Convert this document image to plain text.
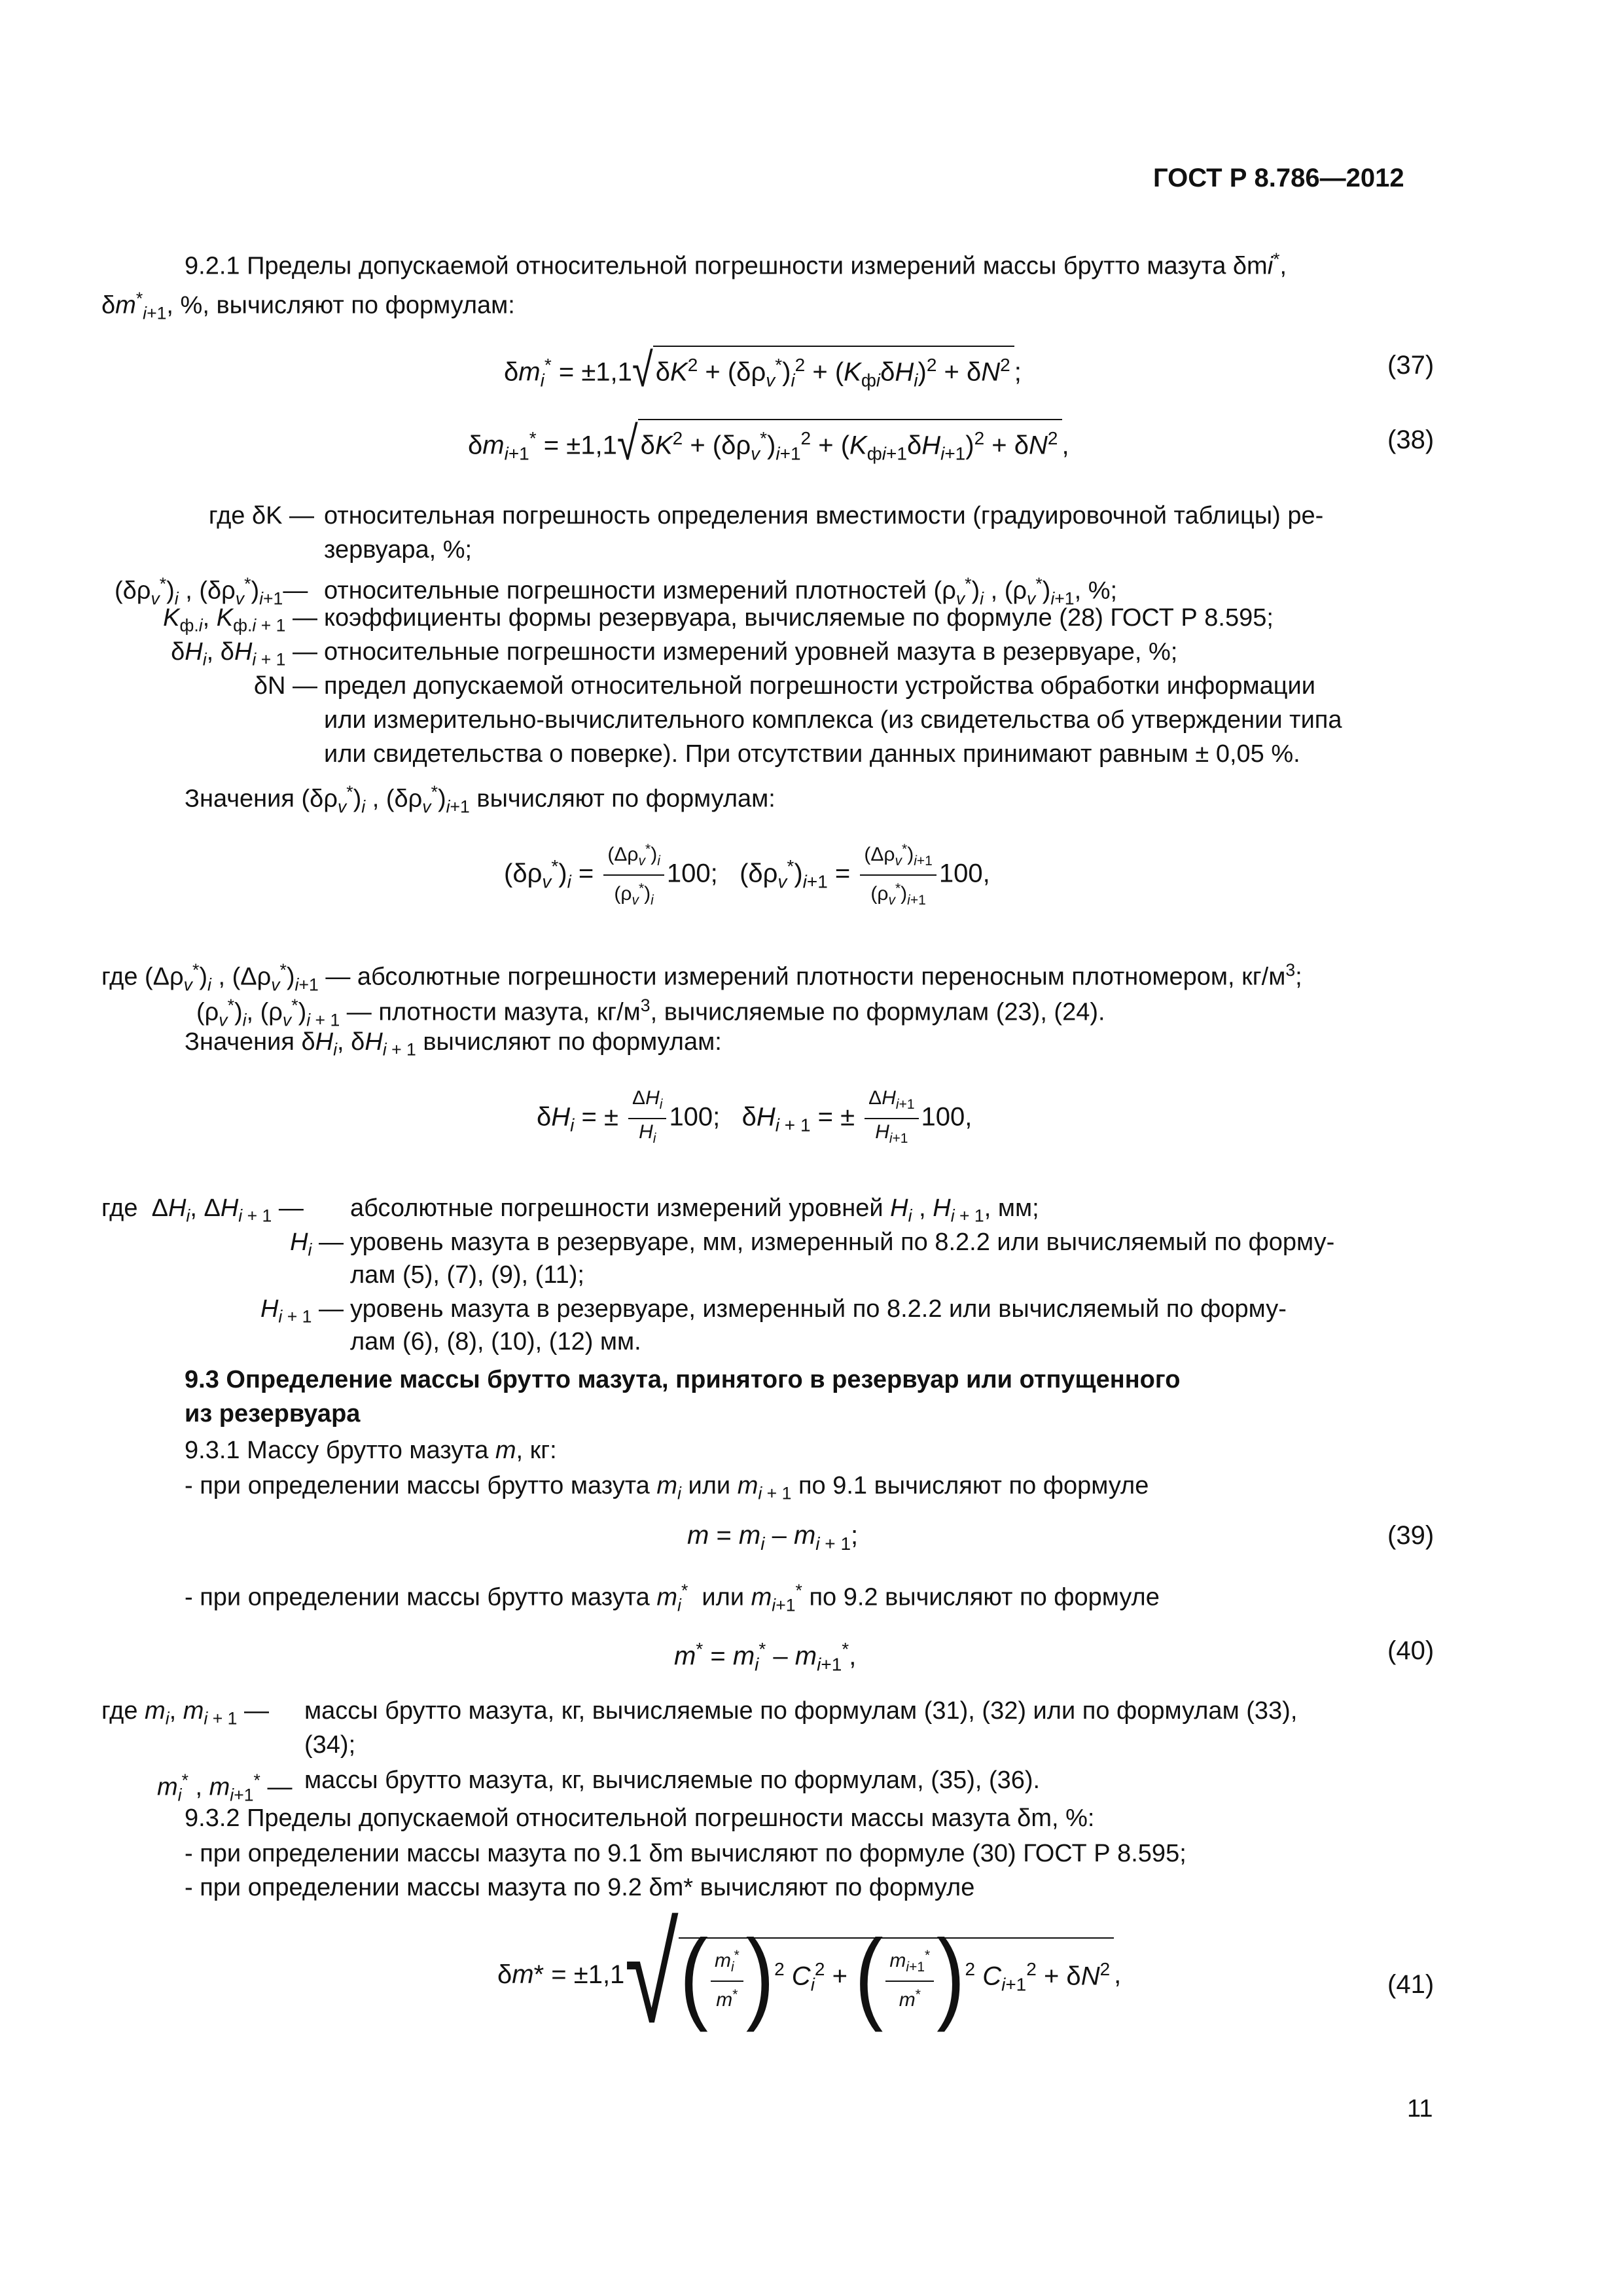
ГОСТ Р 8.786—2012
9.2.1 Пределы допускаемой относительной погрешности измерений массы брутто мазута δmi*,
$\delta m^*_{i+1}$, %, вычисляют по формулам:
$\delta m_i^* = \pm 1,1√$ $\delta K^2 + (\delta\rho_v^*)_i^2 + (K_{фi}\delta H_i)^2 + \delta N^2$ ;	(37)
$\delta m_{i+1}^* = \pm 1,1√$ $\delta K^2 + (\delta\rho_v^*)_{i+1}^2 + (K_{фi+1}\delta H_{i+1})^2 + \delta N^2$ ,	(38)
где δK — относительная погрешность определения вместимости (градуировочной таблицы) ре-
зервуара, %;
$(\delta\rho_v^*)_i$ , $(\delta\rho_v^*)_{i+1}—$ относительные погрешности измерений плотностей $(\rho_v^*)_i$ , $(\rho_v^*)_{i+1}$, %;
$K_{ф.i}$, $K_{ф.i + 1}$ — коэффициенты формы резервуара, вычисляемые по формуле (28) ГОСТ Р 8.595;
$\delta H_i$, $\delta H_{i + 1}$ — относительные погрешности измерений уровней мазута в резервуаре, %;
δN — предел допускаемой относительной погрешности устройства обработки информации
или измерительно-вычислительного комплекса (из свидетельства об утверждении типа
или свидетельства о поверке). При отсутствии данных принимают равным ± 0,05 %.
Значения $(\delta\rho_v^*)_i$ , $(\delta\rho_v^*)_{i+1}$ вычисляют по формулам:
$(\delta\rho_v^*)_i = \frac{(\Delta\rho_v^*)_i}{(\rho_v^*)_i} 100$;   $(\delta\rho_v^*)_{i+1} = \frac{(\Delta\rho_v^*)_{i+1}}{(\rho_v^*)_{i+1}} 100$,
где $(\Delta\rho_v^*)_i$ , $(\Delta\rho_v^*)_{i+1}$ — абсолютные погрешности измерений плотности переносным плотномером, $кг/м^3$;
$(\rho_v^*)_i$, $(\rho_v^*)_{i + 1}$ — плотности мазута, $кг/м^3$, вычисляемые по формулам (23), (24).
Значения $\delta H_i$, $\delta H_{i + 1}$ вычисляют по формулам:
$\delta H_i$ = ± $\frac{\Delta H_i}{H_i} 100$;   $\delta H_{i + 1}$ = ± $\frac{\Delta H_{i+1}}{H_{i+1}} 100$,
где  $\Delta H_i$, $\Delta H_{i + 1}$ — абсолютные погрешности измерений уровней $H_i$ , $H_{i + 1}$, мм;
$H_i$ — уровень мазута в резервуаре, мм, измеренный по 8.2.2 или вычисляемый по форму-
лам (5), (7), (9), (11);
$H_{i + 1}$ — уровень мазута в резервуаре, измеренный по 8.2.2 или вычисляемый по форму-
лам (6), (8), (10), (12) мм.
9.3 Определение массы брутто мазута, принятого в резервуар или отпущенного
из резервуара
9.3.1 Массу брутто мазута m, кг:
- при определении массы брутто мазута $m_i$ или $m_{i + 1}$ по 9.1 вычисляют по формуле
$m = m_i - m_{i + 1}$;	(39)
- при определении массы брутто мазута $m_i^*$  или $m_{i+1}^*$ по 9.2 вычисляют по формуле
$m^* = m_i^* - m_{i+1}^*$,	(40)
где $m_i$, $m_{i + 1}$ — массы брутто мазута, кг, вычисляемые по формулам (31), (32) или по формулам (33),
(34);
$m_i^*$ , $m_{i+1}^*$ — массы брутто мазута, кг, вычисляемые по формулам, (35), (36).
9.3.2 Пределы допускаемой относительной погрешности массы мазута δm, %:
- при определении массы мазута по 9.1 δm вычисляют по формуле (30) ГОСТ Р 8.595;
- при определении массы мазута по 9.2 δm* вычисляют по формуле
$\delta m* = \pm 1,1√( \frac{m_i^*}{m^*} )^2$ $C_i^2$ + ( $\frac{m_{i+1}^*}{m^*} )^2$ $C_{i+1}^2 + \delta N^2$ ,	(41)
11
